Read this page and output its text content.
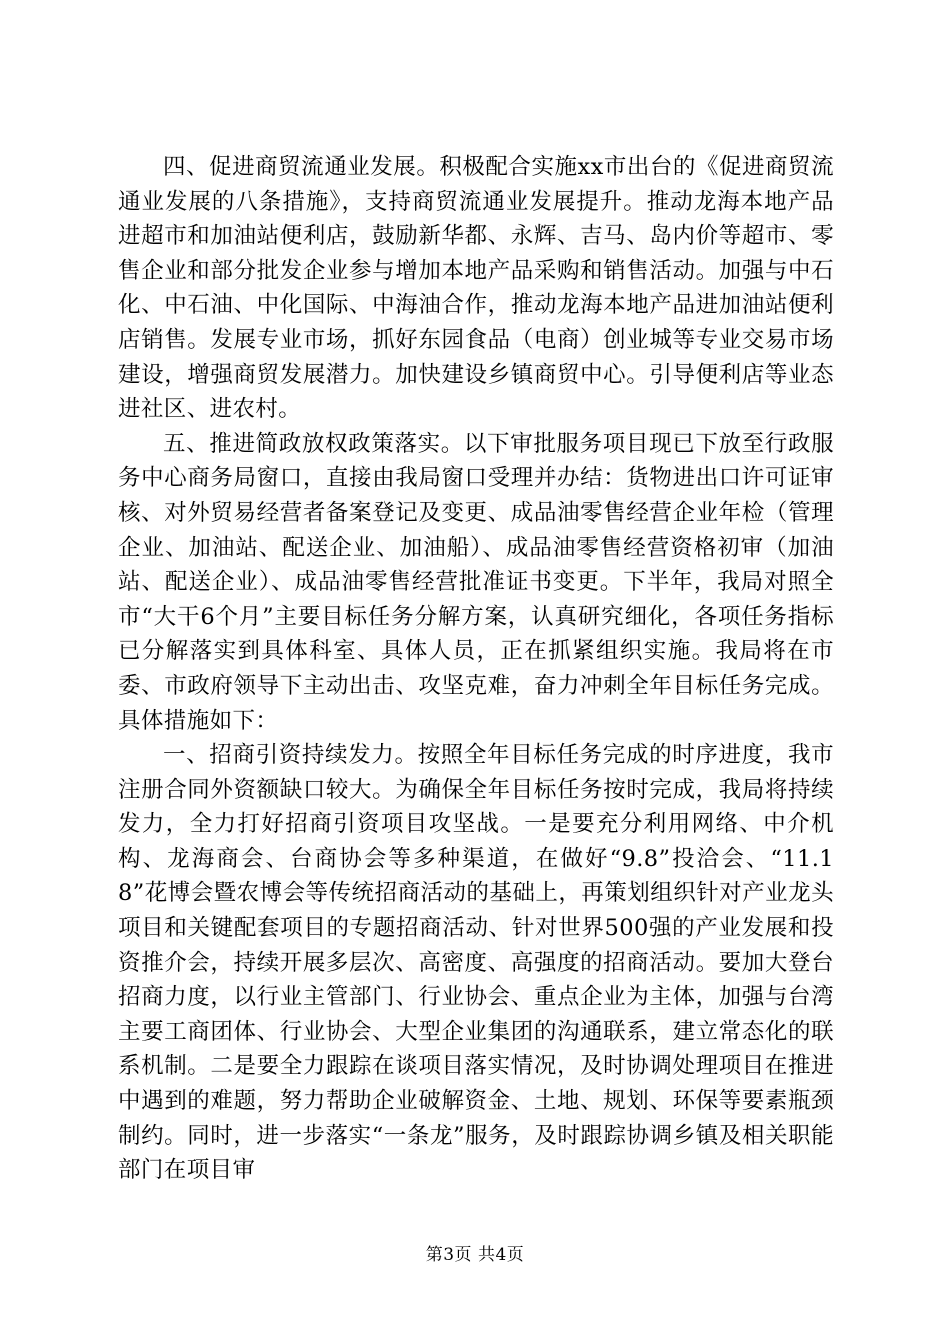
四、促进商贸流通业发展。积极配合实施xx市出台的《促进商贸流通业发展的八条措施》，支持商贸流通业发展提升。推动龙海本地产品进超市和加油站便利店，鼓励新华都、永辉、吉马、岛内价等超市、零售企业和部分批发企业参与增加本地产品采购和销售活动。加强与中石化、中石油、中化国际、中海油合作，推动龙海本地产品进加油站便利店销售。发展专业市场，抓好东园食品（电商）创业城等专业交易市场建设，增强商贸发展潜力。加快建设乡镇商贸中心。引导便利店等业态进社区、进农村。

五、推进简政放权政策落实。以下审批服务项目现已下放至行政服务中心商务局窗口，直接由我局窗口受理并办结：货物进出口许可证审核、对外贸易经营者备案登记及变更、成品油零售经营企业年检（管理企业、加油站、配送企业、加油船）、成品油零售经营资格初审（加油站、配送企业）、成品油零售经营批准证书变更。下半年，我局对照全市“大干6个月”主要目标任务分解方案，认真研究细化，各项任务指标已分解落实到具体科室、具体人员，正在抓紧组织实施。我局将在市委、市政府领导下主动出击、攻坚克难，奋力冲刺全年目标任务完成。具体措施如下：

一、招商引资持续发力。按照全年目标任务完成的时序进度，我市注册合同外资额缺口较大。为确保全年目标任务按时完成，我局将持续发力，全力打好招商引资项目攻坚战。一是要充分利用网络、中介机构、龙海商会、台商协会等多种渠道，在做好“9.8”投洽会、“11.18”花博会暨农博会等传统招商活动的基础上，再策划组织针对产业龙头项目和关键配套项目的专题招商活动、针对世界500强的产业发展和投资推介会，持续开展多层次、高密度、高强度的招商活动。要加大登台招商力度，以行业主管部门、行业协会、重点企业为主体，加强与台湾主要工商团体、行业协会、大型企业集团的沟通联系，建立常态化的联系机制。二是要全力跟踪在谈项目落实情况，及时协调处理项目在推进中遇到的难题，努力帮助企业破解资金、土地、规划、环保等要素瓶颈制约。同时，进一步落实“一条龙”服务，及时跟踪协调乡镇及相关职能部门在项目审

第3页 共4页
